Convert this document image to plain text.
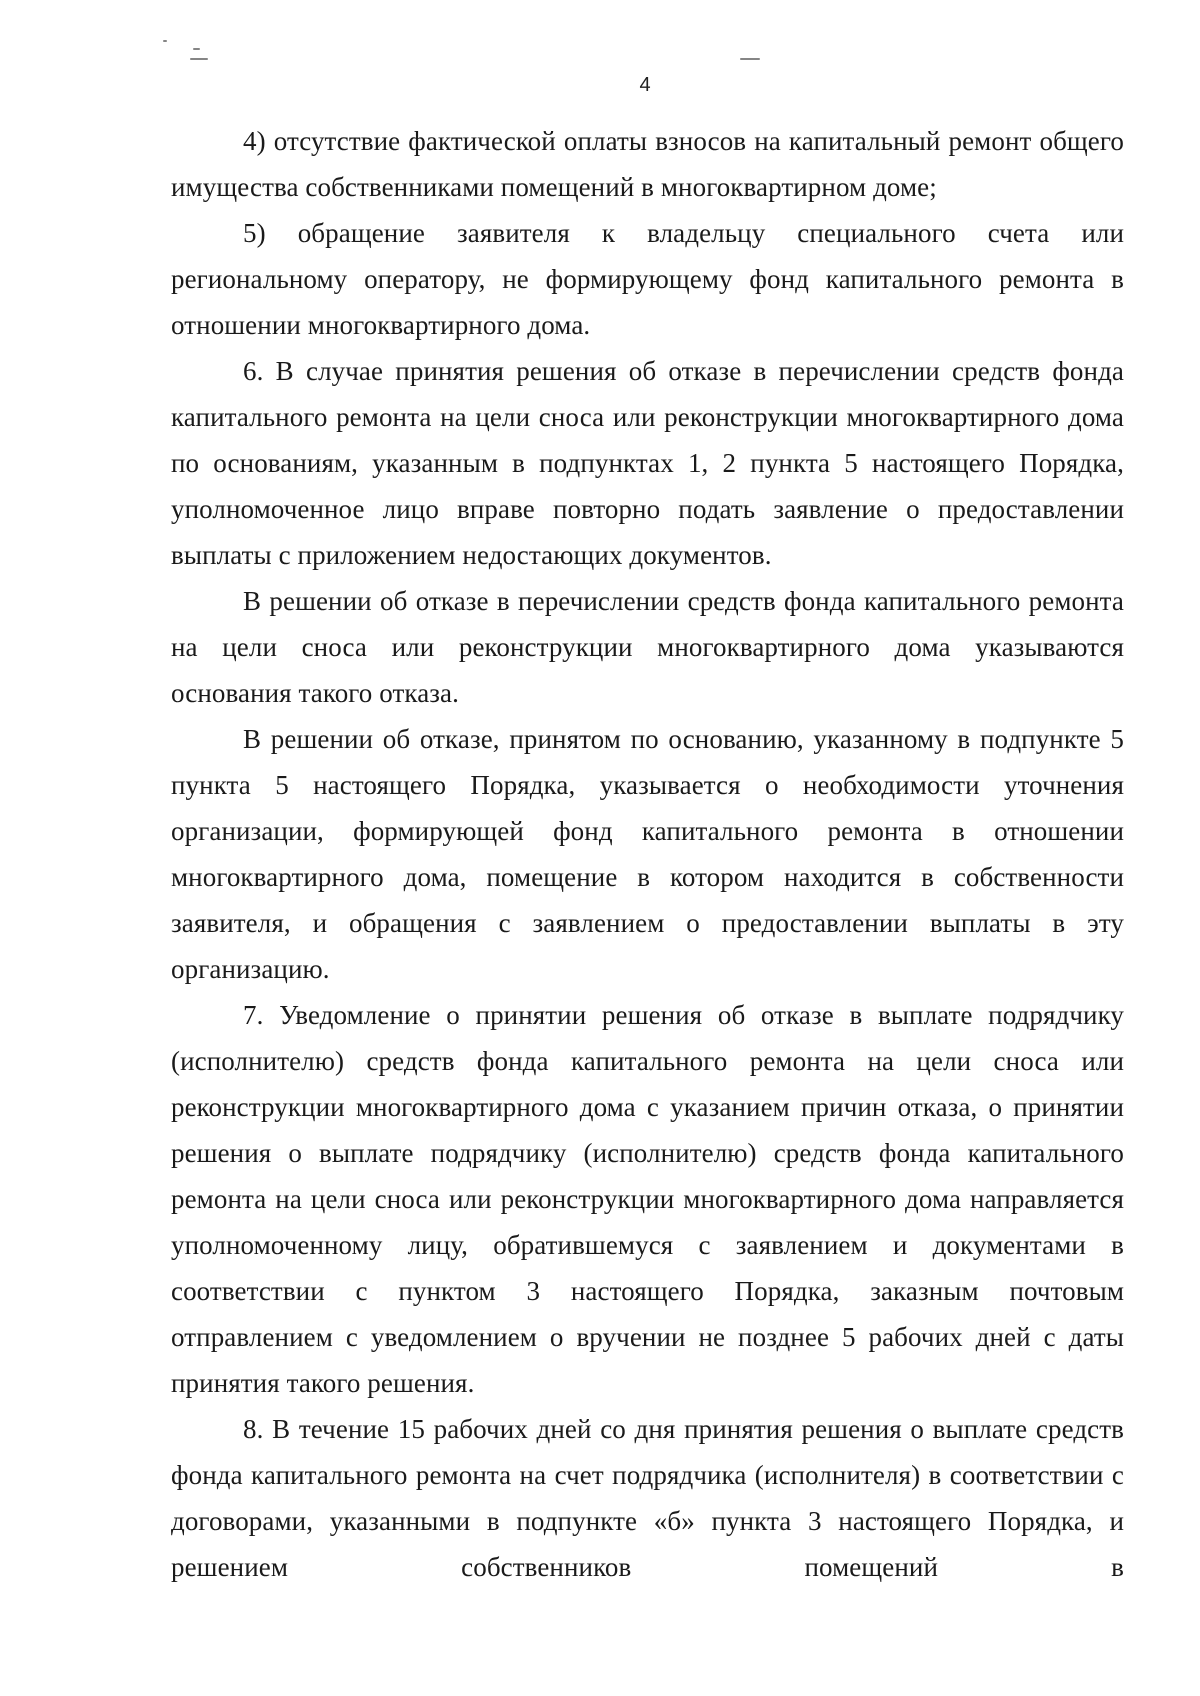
4

4) отсутствие фактической оплаты взносов на капитальный ремонт общего имущества собственниками помещений в многоквартирном доме;

5) обращение заявителя к владельцу специального счета или региональному оператору, не формирующему фонд капитального ремонта в отношении многоквартирного дома.

6. В случае принятия решения об отказе в перечислении средств фонда капитального ремонта на цели сноса или реконструкции многоквартирного дома по основаниям, указанным в подпунктах 1, 2 пункта 5 настоящего Порядка, уполномоченное лицо вправе повторно подать заявление о предоставлении выплаты с приложением недостающих документов.

В решении об отказе в перечислении средств фонда капитального ремонта на цели сноса или реконструкции многоквартирного дома указываются основания такого отказа.

В решении об отказе, принятом по основанию, указанному в подпункте 5 пункта 5 настоящего Порядка, указывается о необходимости уточнения организации, формирующей фонд капитального ремонта в отношении многоквартирного дома, помещение в котором находится в собственности заявителя, и обращения с заявлением о предоставлении выплаты в эту организацию.

7. Уведомление о принятии решения об отказе в выплате подрядчику (исполнителю) средств фонда капитального ремонта на цели сноса или реконструкции многоквартирного дома с указанием причин отказа, о принятии решения о выплате подрядчику (исполнителю) средств фонда капитального ремонта на цели сноса или реконструкции многоквартирного дома направляется уполномоченному лицу, обратившемуся с заявлением и документами в соответствии с пунктом 3 настоящего Порядка, заказным почтовым отправлением с уведомлением о вручении не позднее 5 рабочих дней с даты принятия такого решения.

8. В течение 15 рабочих дней со дня принятия решения о выплате средств фонда капитального ремонта на счет подрядчика (исполнителя) в соответствии с договорами, указанными в подпункте «б» пункта 3 настоящего Порядка, и решением собственников помещений в
